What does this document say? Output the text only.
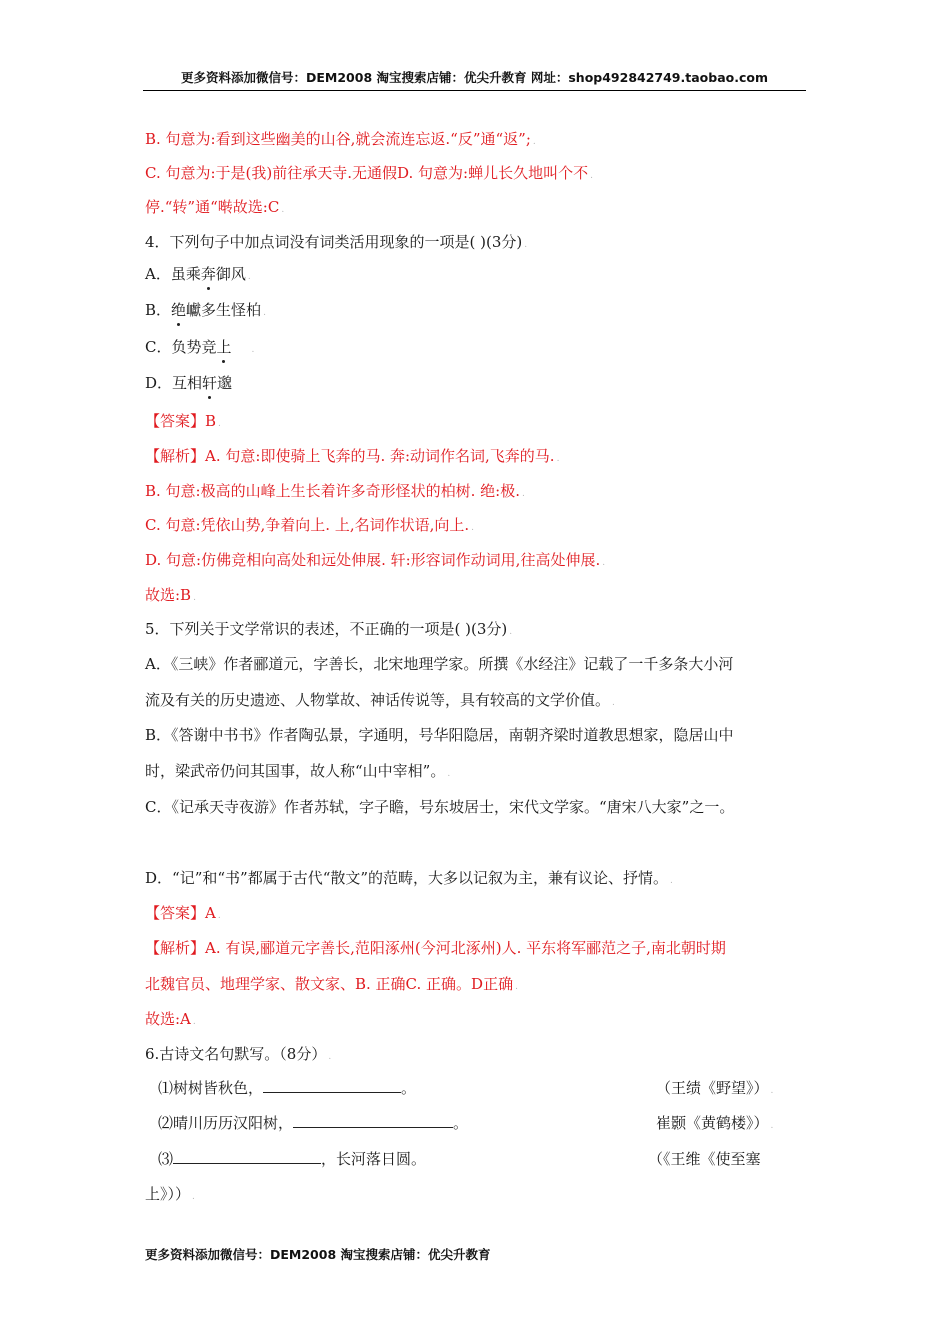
更多资料添加微信号：DEM2008 淘宝搜索店铺：优尖升教育 网址：shop492842749.taobao.com
B. 句意为:看到这些幽美的山谷,就会流连忘返.“反”通“返”; .
C. 句意为:于是(我)前往承天寺.无通假D. 句意为:蝉儿长久地叫个不 .
停.“转”通“啭故选:C .
4．下列句子中加点词没有词类活用现象的一项是( )(3分) .
A．虽乘奔御风 .
B．绝巘多生怪柏 .
C．负势竞上 .
D．互相轩邈
【答案】B .
【解析】A. 句意:即使骑上飞奔的马. 奔:动词作名词,飞奔的马. .
B. 句意:极高的山峰上生长着许多奇形怪状的柏树. 绝:极. .
C. 句意:凭依山势,争着向上. 上,名词作状语,向上. .
D. 句意:仿佛竞相向高处和远处伸展. 轩:形容词作动词用,往高处伸展. .
故选:B .
5．下列关于文学常识的表述，不正确的一项是( )(3分) .
A．《三峡》作者郦道元，字善长，北宋地理学家。所撰《水经注》记载了一千多条大小河
流及有关的历史遗迹、人物掌故、神话传说等，具有较高的文学价值。 .
B．《答谢中书书》作者陶弘景，字通明，号华阳隐居，南朝齐梁时道教思想家，隐居山中
时，梁武帝仍问其国事，故人称“山中宰相”。 .
C．《记承天寺夜游》作者苏轼，字子瞻，号东坡居士，宋代文学家。“唐宋八大家”之一。
D．“记”和“书”都属于古代“散文”的范畴，大多以记叙为主，兼有议论、抒情。 .
【答案】A .
【解析】A. 有误,郦道元字善长,范阳涿州(今河北涿州)人. 平东将军郦范之子,南北朝时期
北魏官员、地理学家、散文家、B. 正确C. 正确。D正确 .
故选:A .
6.古诗文名句默写。（8分） .
⑴树树皆秋色，	。	（王绩《野望》） .
⑵晴川历历汉阳树，	。	崔颢《黄鹤楼》） .
⑶	，长河落日圆。	（《王维《使至塞
上》）） .
更多资料添加微信号：DEM2008 淘宝搜索店铺：优尖升教育
